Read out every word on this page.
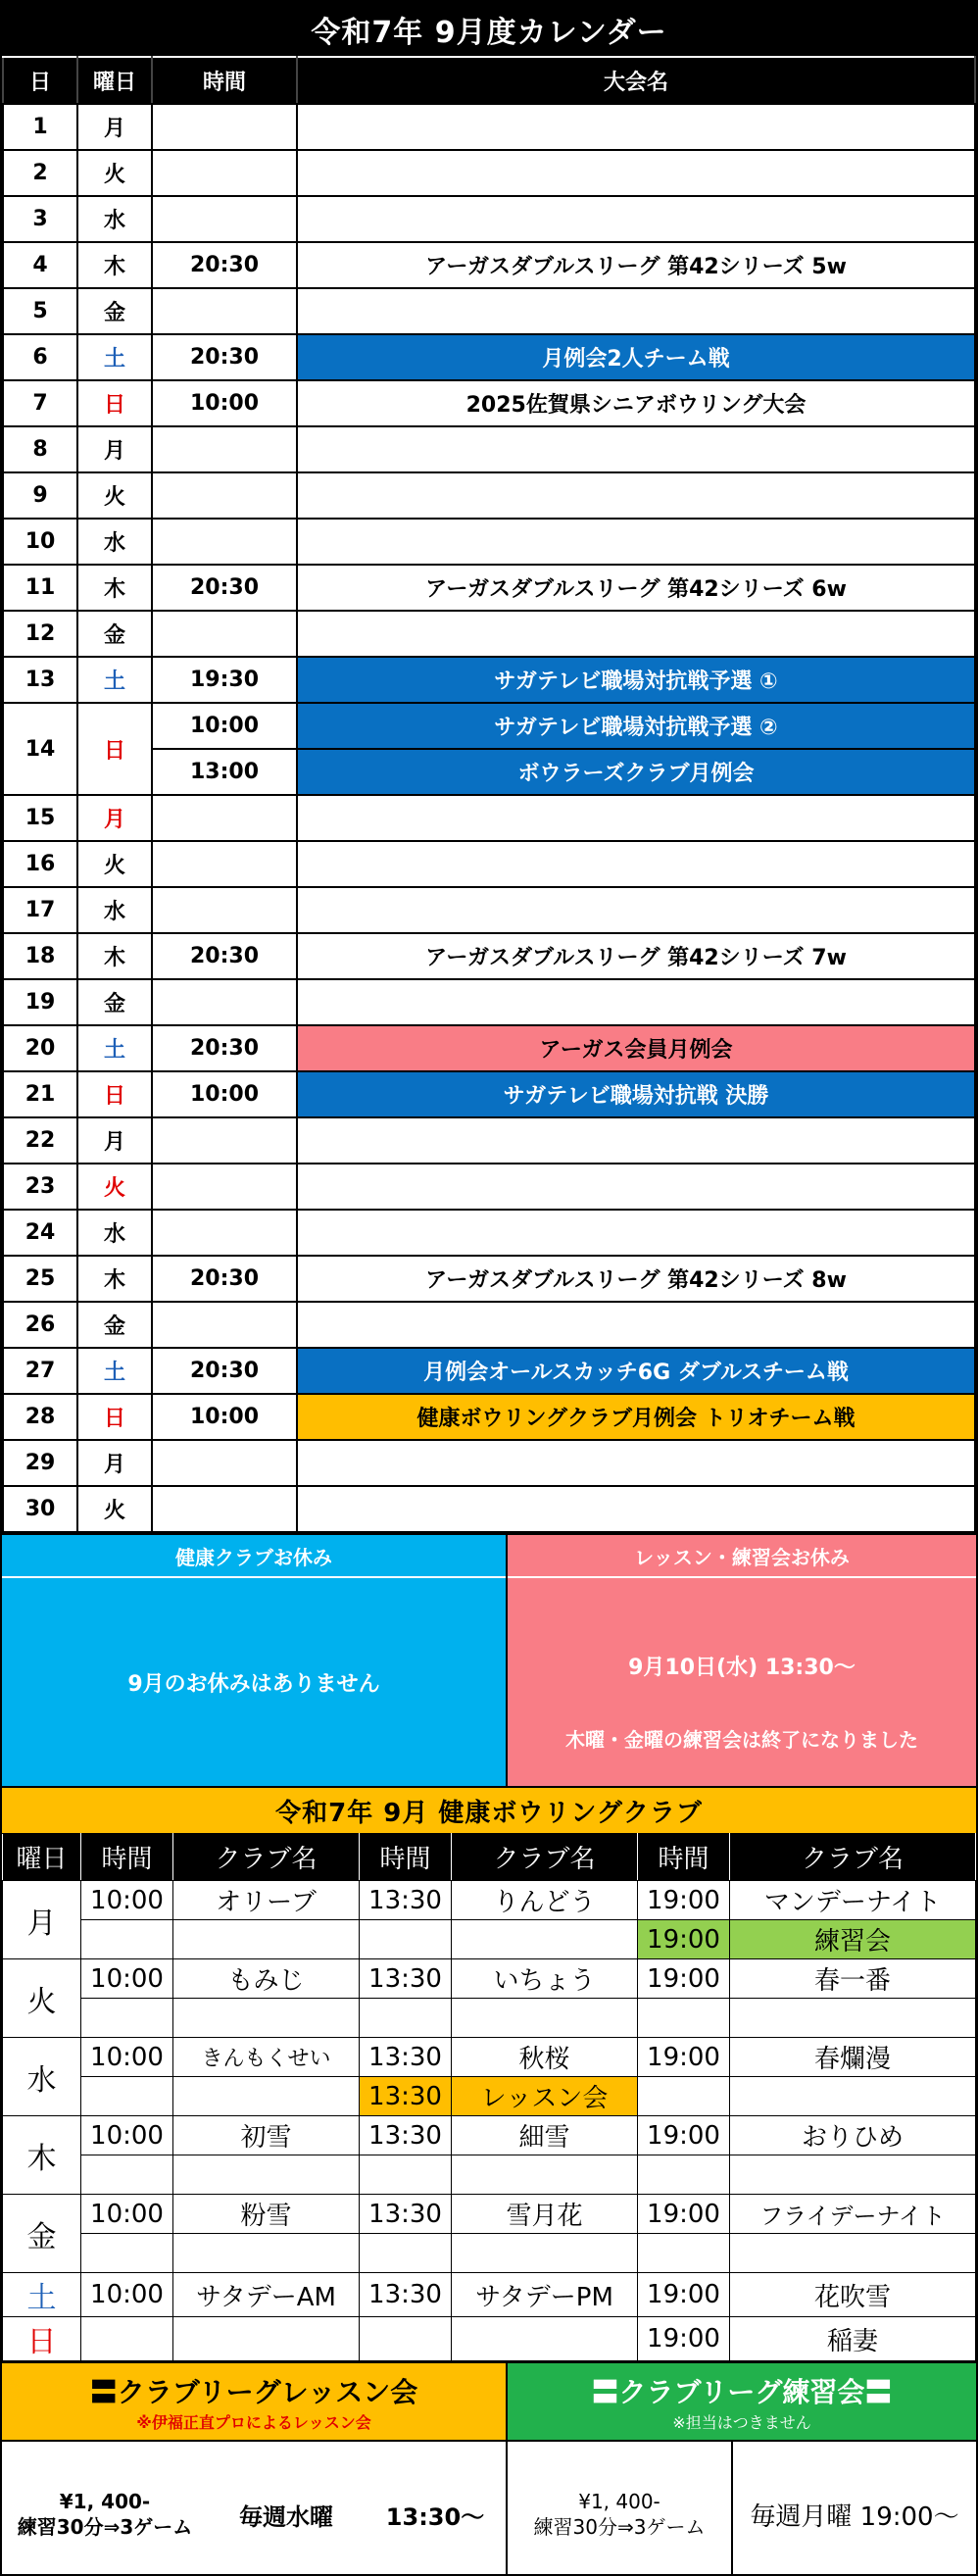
令和7年 9月度カレンダー
日	曜日	時間	大会名
1	月		
2	火		
3	水		
4	木	20:30	アーガスダブルスリーグ 第42シリーズ 5w
5	金		
6	土	20:30	月例会2人チーム戦
7	日	10:00	2025佐賀県シニアボウリング大会
8	月		
9	火		
10	水		
11	木	20:30	アーガスダブルスリーグ 第42シリーズ 6w
12	金		
13	土	19:30	サガテレビ職場対抗戦予選 ①
14	日	10:00	サガテレビ職場対抗戦予選 ②
		13:00	ボウラーズクラブ月例会
15	月		
16	火		
17	水		
18	木	20:30	アーガスダブルスリーグ 第42シリーズ 7w
19	金		
20	土	20:30	アーガス会員月例会
21	日	10:00	サガテレビ職場対抗戦 決勝
22	月		
23	火		
24	水		
25	木	20:30	アーガスダブルスリーグ 第42シリーズ 8w
26	金		
27	土	20:30	月例会オールスカッチ6G ダブルスチーム戦
28	日	10:00	健康ボウリングクラブ月例会 トリオチーム戦
29	月		
30	火		
健康クラブお休み
9月のお休みはありません
レッスン・練習会お休み
9月10日(水) 13:30～
木曜・金曜の練習会は終了になりました
令和7年 9月 健康ボウリングクラブ
曜日	時間	クラブ名	時間	クラブ名	時間	クラブ名
月	10:00	オリーブ	13:30	りんどう	19:00	マンデーナイト
					19:00	練習会
火	10:00	もみじ	13:30	いちょう	19:00	春一番

水	10:00	きんもくせい	13:30	秋桜	19:00	春爛漫
			13:30	レッスン会		
木	10:00	初雪	13:30	細雪	19:00	おりひめ

金	10:00	粉雪	13:30	雪月花	19:00	フライデーナイト

土	10:00	サタデーAM	13:30	サタデーPM	19:00	花吹雪
日					19:00	稲妻
〓クラブリーグレッスン会
※伊福正直プロによるレッスン会
¥1, 400-
練習30分⇒3ゲーム	毎週水曜	13:30～
〓クラブリーグ練習会〓
※担当はつきません
¥1, 400-
練習30分⇒3ゲーム	毎週月曜 19:00～
